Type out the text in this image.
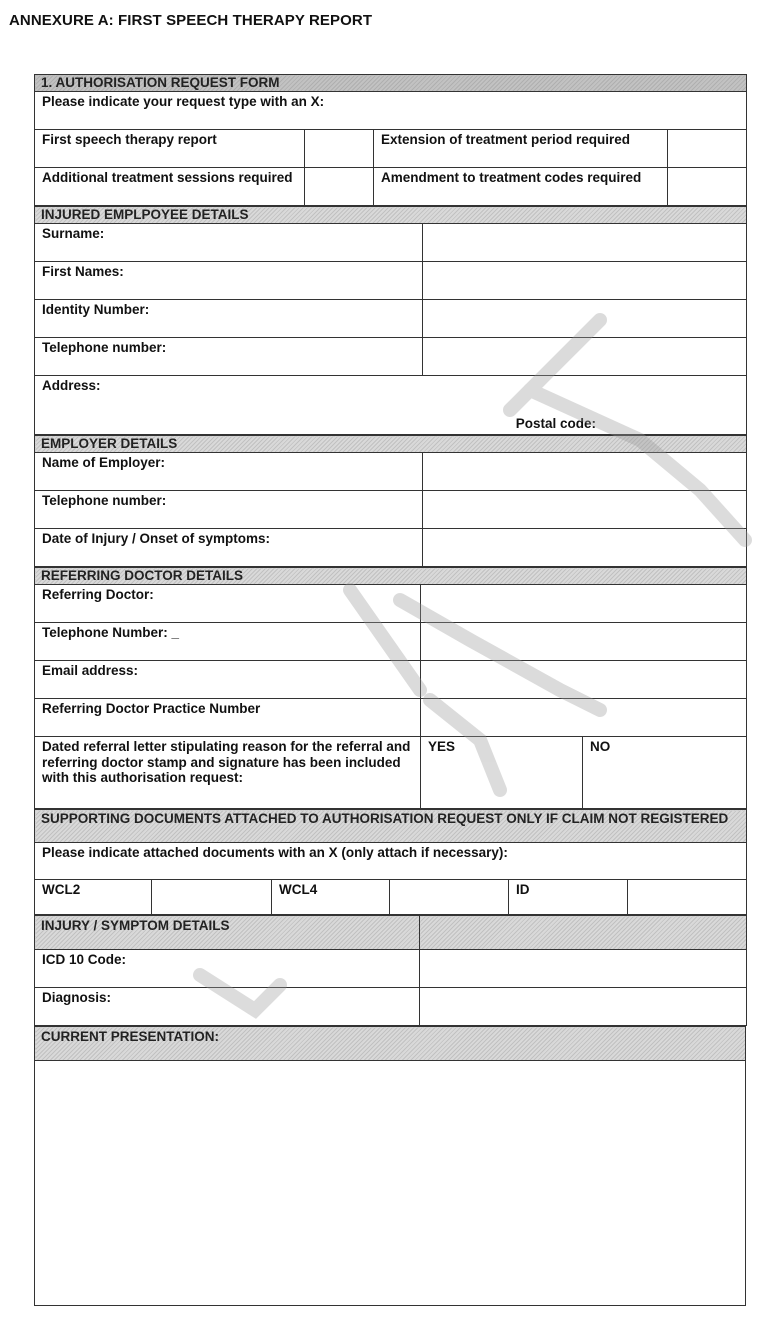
ANNEXURE A: FIRST SPEECH THERAPY REPORT
1. AUTHORISATION REQUEST FORM			
Please indicate your request type with an X:			
First speech therapy report		Extension of treatment period required	
Additional treatment sessions required		Amendment to treatment codes required	
INJURED EMPLPOYEE DETAILS	
Surname:	
First Names:	
Identity Number:	
Telephone number:	
Address:
Postal code:	
EMPLOYER DETAILS	
Name of Employer:	
Telephone number:	
Date of Injury / Onset of symptoms:	
REFERRING DOCTOR DETAILS		
Referring Doctor:		
Telephone Number: _		
Email address:		
Referring Doctor Practice Number		
Dated referral letter stipulating reason for the referral and referring doctor stamp and signature has been included with this authorisation request:	YES	NO
SUPPORTING DOCUMENTS ATTACHED TO AUTHORISATION REQUEST ONLY IF CLAIM NOT REGISTERED
Please indicate attached documents with an X (only attach if necessary):
WCL2		WCL4		ID	
INJURY / SYMPTOM DETAILS	
ICD 10 Code:	
Diagnosis:	
CURRENT PRESENTATION:
